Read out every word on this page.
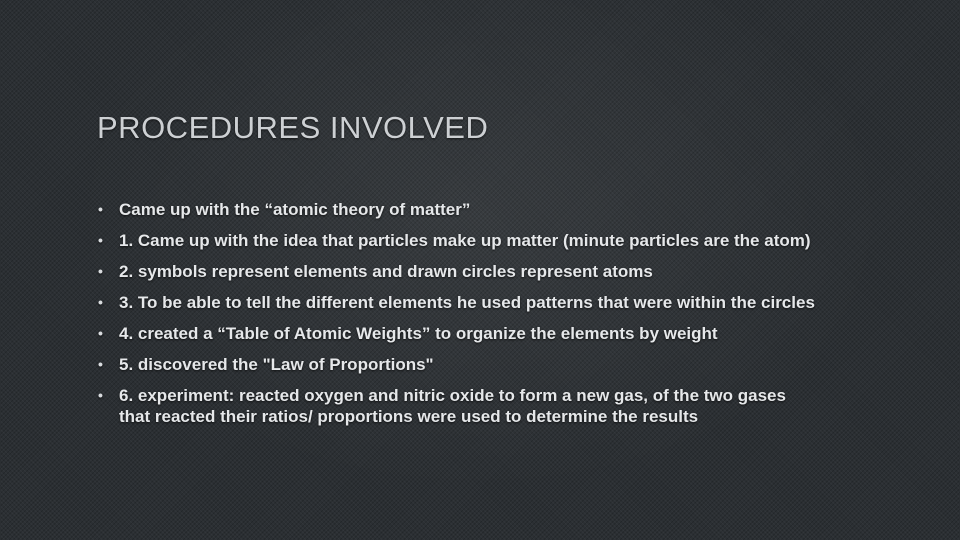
PROCEDURES INVOLVED
• Came up with the “atomic theory of matter”
• 1. Came up with the idea that particles make up matter (minute particles are the atom)
• 2. symbols represent elements and drawn circles represent atoms
• 3. To be able to tell the different elements he used patterns that were within the circles
• 4. created a “Table of Atomic Weights” to organize the elements by weight
• 5. discovered the "Law of Proportions"
• 6. experiment: reacted oxygen and nitric oxide to form a new gas, of the two gases that reacted their ratios/ proportions were used to determine the results
